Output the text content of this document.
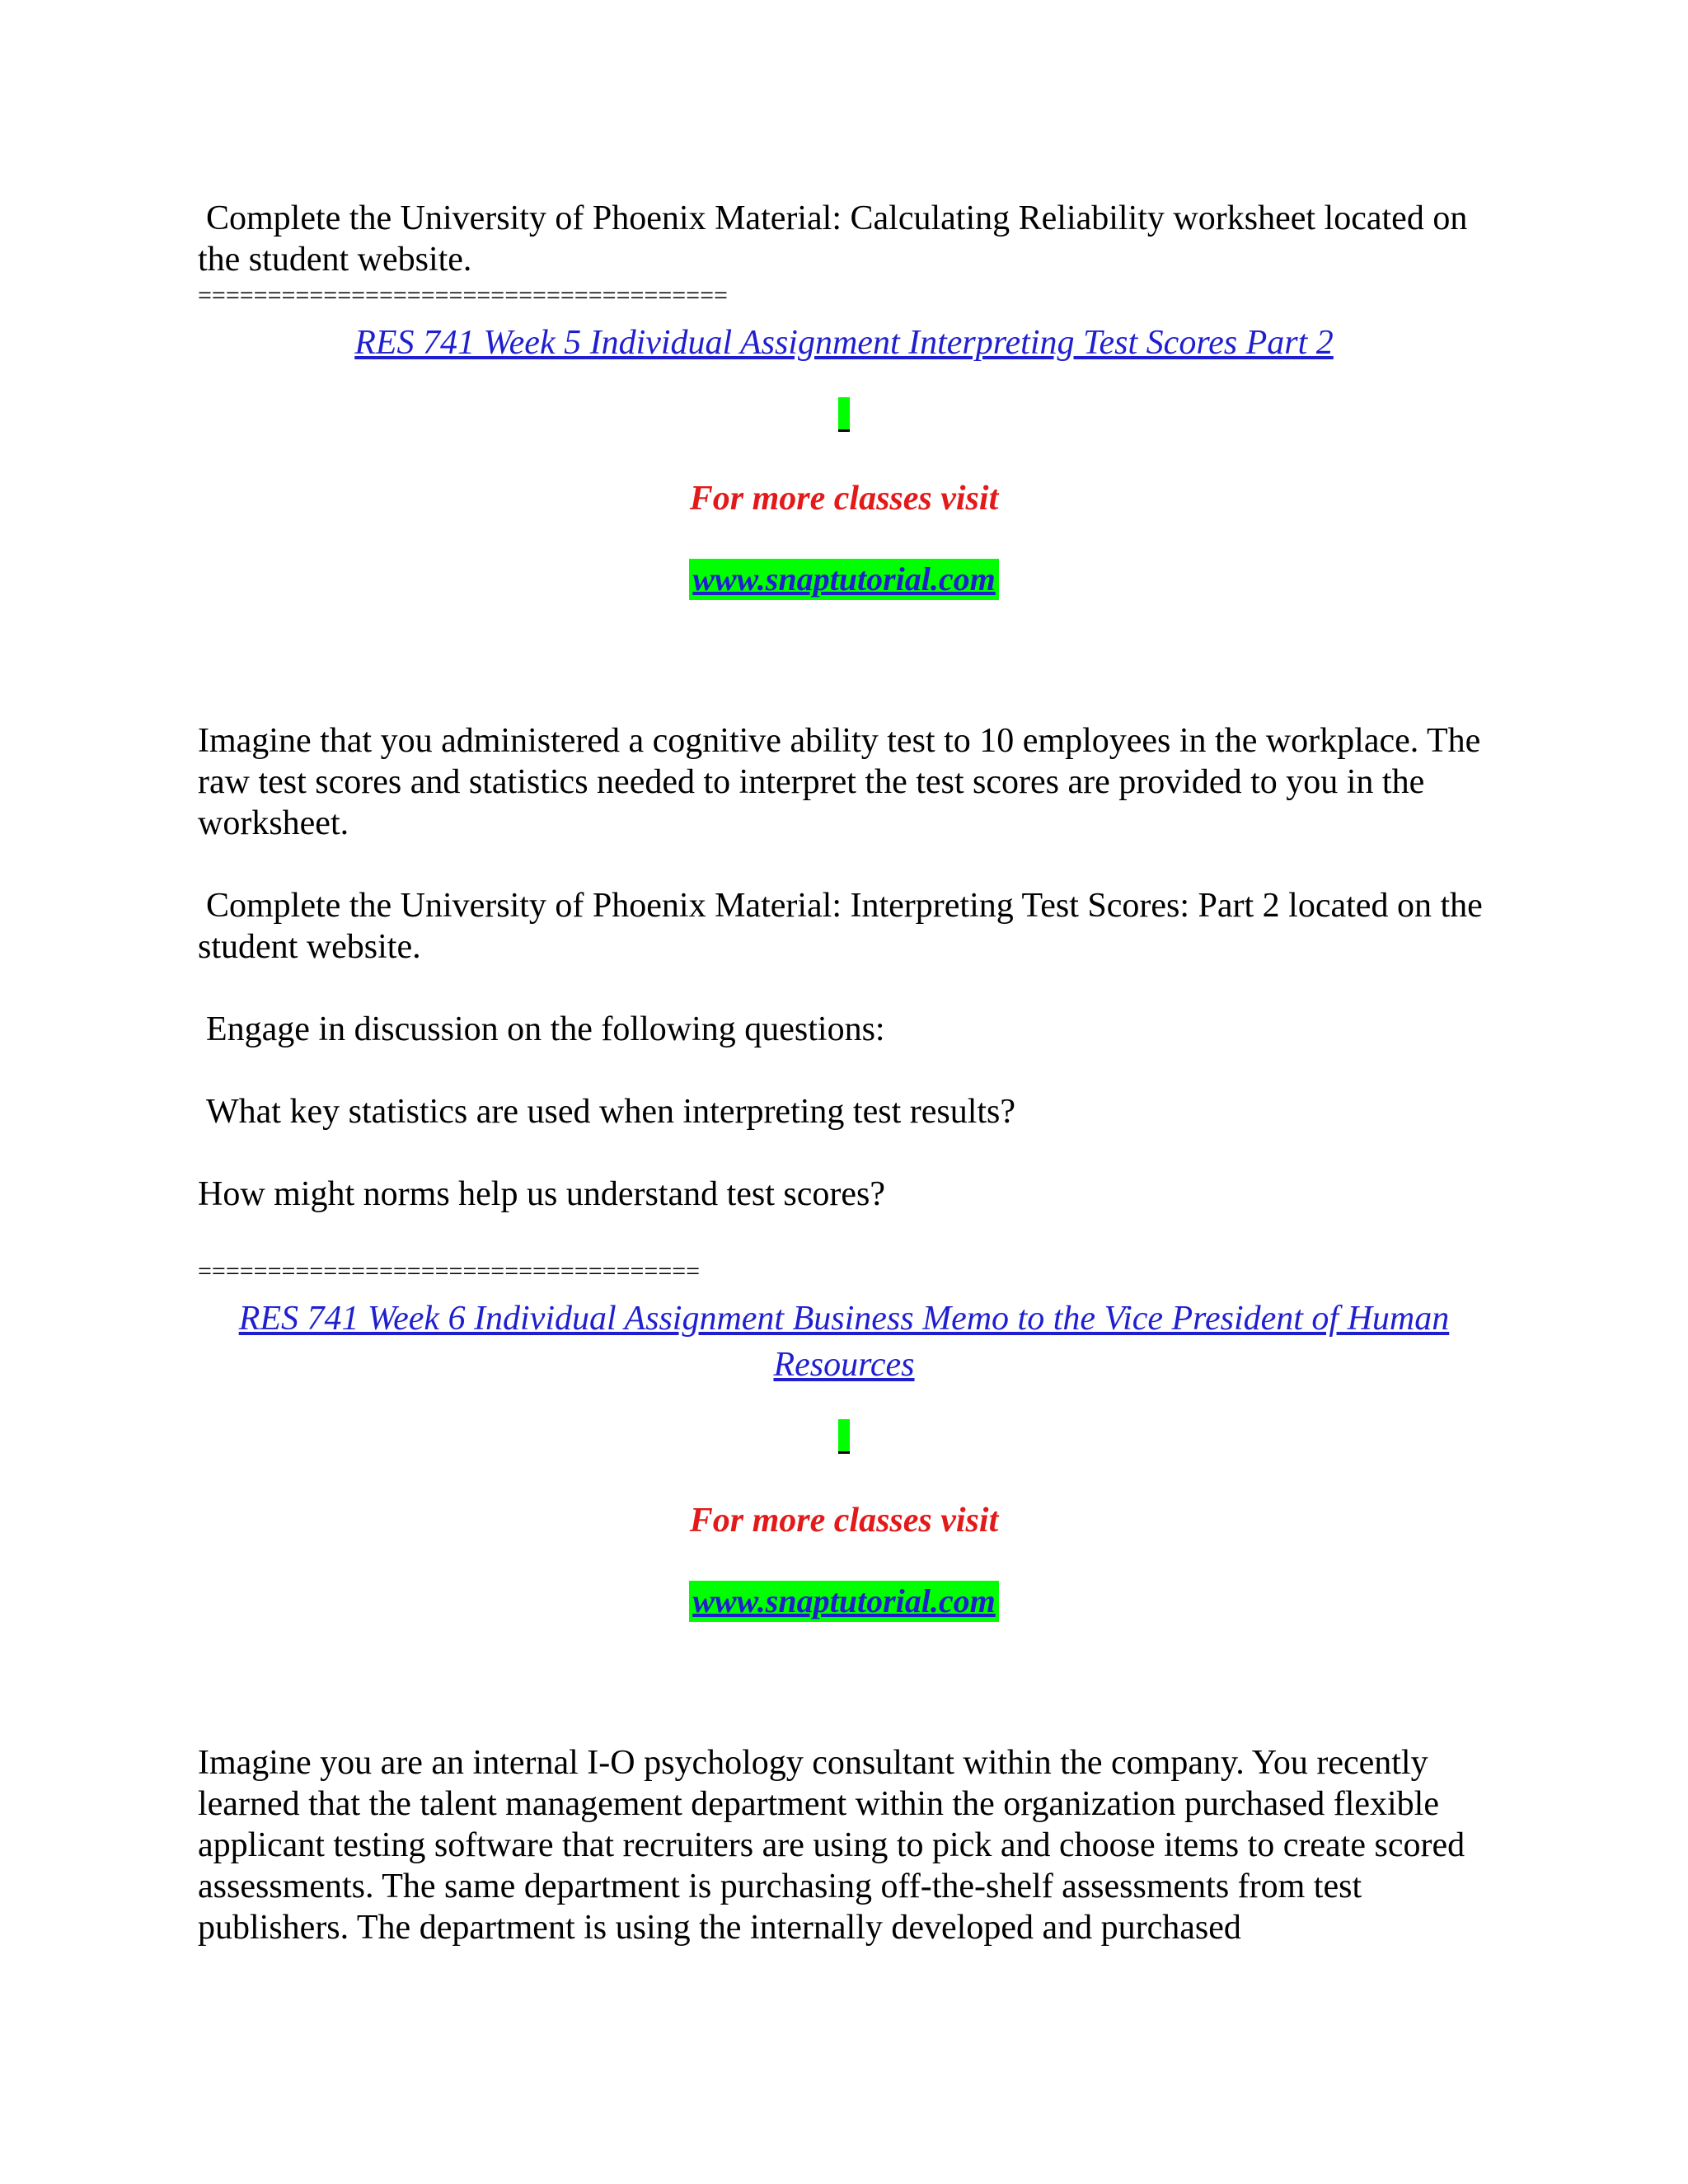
Complete the University of Phoenix Material: Calculating Reliability worksheet located on the student website.

======================================
RES 741 Week 5 Individual Assignment Interpreting Test Scores Part 2
For more classes visit
www.snaptutorial.com

Imagine that you administered a cognitive ability test to 10 employees in the workplace. The raw test scores and statistics needed to interpret the test scores are provided to you in the worksheet.

Complete the University of Phoenix Material: Interpreting Test Scores: Part 2 located on the student website.

Engage in discussion on the following questions:

What key statistics are used when interpreting test results?

How might norms help us understand test scores?

====================================
RES 741 Week 6 Individual Assignment Business Memo to the Vice President of Human
Resources
For more classes visit
www.snaptutorial.com

Imagine you are an internal I-O psychology consultant within the company. You recently learned that the talent management department within the organization purchased flexible applicant testing software that recruiters are using to pick and choose items to create scored assessments. The same department is purchasing off-the-shelf assessments from test publishers. The department is using the internally developed and purchased
